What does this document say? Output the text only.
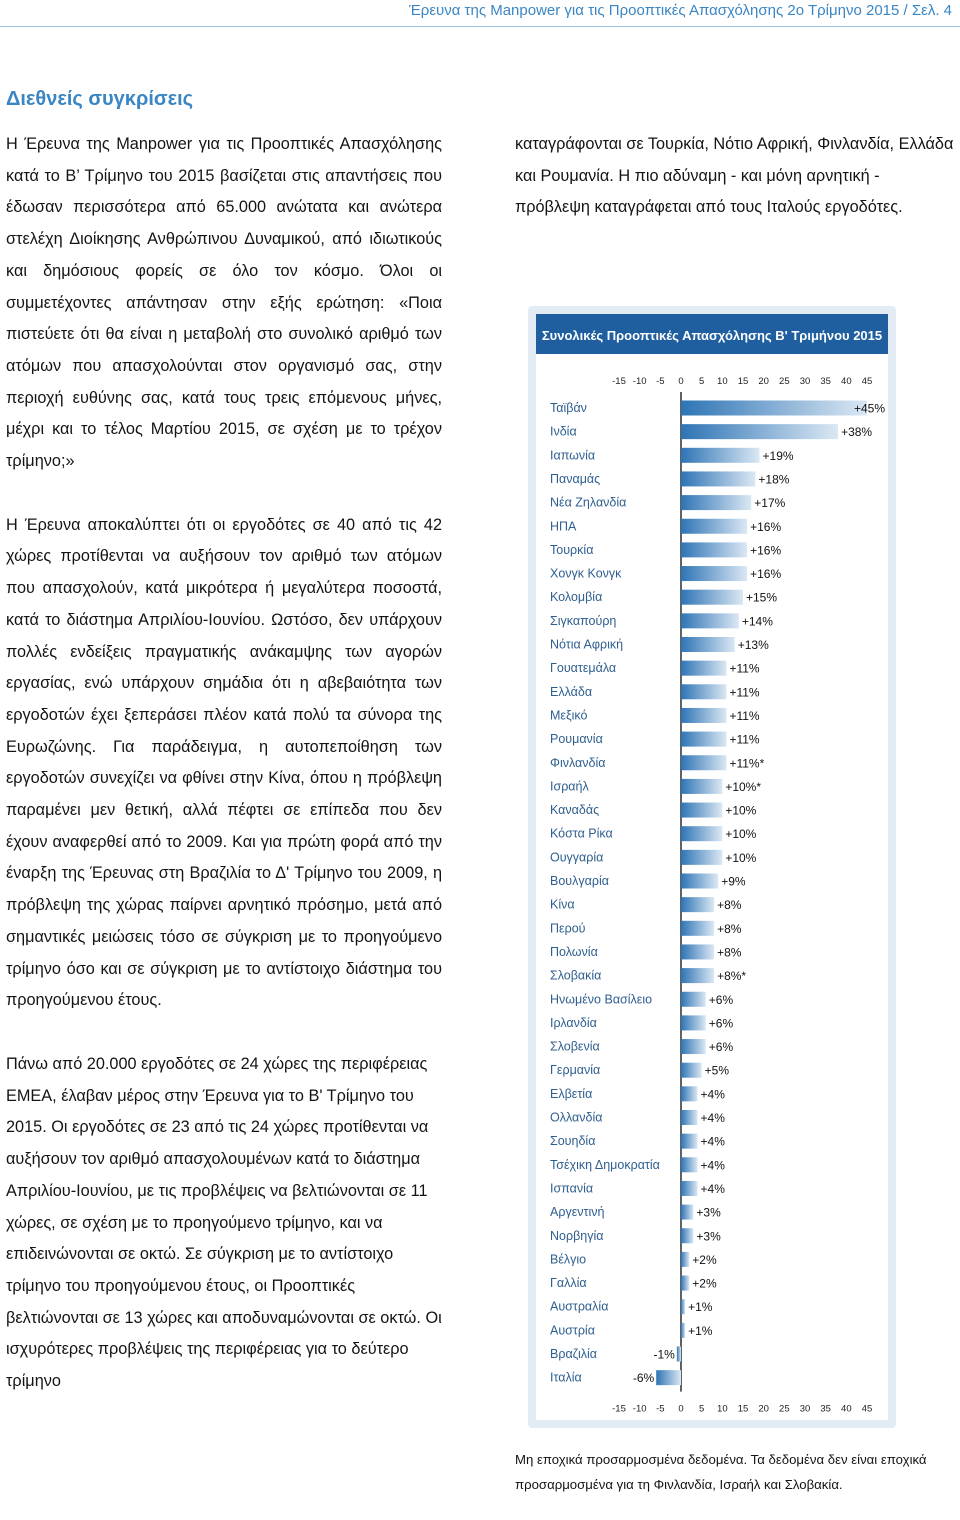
Έρευνα της Manpower για τις Προοπτικές Απασχόλησης 2ο Τρίμηνο 2015 / Σελ. 4
Διεθνείς συγκρίσεις

Η Έρευνα της Manpower για τις Προοπτικές Απασχόλησης κατά το Β’ Τρίμηνο του 2015 βασίζεται στις απαντήσεις που έδωσαν περισσότερα από 65.000 ανώτατα και ανώτερα στελέχη Διοίκησης Ανθρώπινου Δυναμικού, από ιδιωτικούς και δημόσιους φορείς σε όλο τον κόσμο. Όλοι οι συμμετέχοντες απάντησαν στην εξής ερώτηση: «Ποια πιστεύετε ότι θα είναι η μεταβολή στο συνολικό αριθμό των ατόμων που απασχολούνται στον οργανισμό σας, στην περιοχή ευθύνης σας, κατά τους τρεις επόμενους μήνες, μέχρι και το τέλος Μαρτίου 2015, σε σχέση με το τρέχον τρίμηνο;»

Η Έρευνα αποκαλύπτει ότι οι εργοδότες σε 40 από τις 42 χώρες προτίθενται να αυξήσουν τον αριθμό των ατόμων που απασχολούν, κατά μικρότερα ή μεγαλύτερα ποσοστά, κατά το διάστημα Απριλίου-Ιουνίου. Ωστόσο, δεν υπάρχουν πολλές ενδείξεις πραγματικής ανάκαμψης των αγορών εργασίας, ενώ υπάρχουν σημάδια ότι η αβεβαιότητα των εργοδοτών έχει ξεπεράσει πλέον κατά πολύ τα σύνορα της Ευρωζώνης. Για παράδειγμα, η αυτοπεποίθηση των εργοδοτών συνεχίζει να φθίνει στην Κίνα, όπου η πρόβλεψη παραμένει μεν θετική, αλλά πέφτει σε επίπεδα που δεν έχουν αναφερθεί από το 2009. Και για πρώτη φορά από την έναρξη της Έρευνας στη Βραζιλία το Δ' Τρίμηνο του 2009, η πρόβλεψη της χώρας παίρνει αρνητικό πρόσημο, μετά από σημαντικές μειώσεις τόσο σε σύγκριση με το προηγούμενο τρίμηνο όσο και σε σύγκριση με το αντίστοιχο διάστημα του προηγούμενου έτους.

Πάνω από 20.000 εργοδότες σε 24 χώρες της περιφέρειας ΕΜΕΑ, έλαβαν μέρος στην Έρευνα για το Β' Τρίμηνο του 2015. Οι εργοδότες σε 23 από τις 24 χώρες προτίθενται να αυξήσουν τον αριθμό απασχολουμένων κατά το διάστημα Απριλίου-Ιουνίου, με τις προβλέψεις να βελτιώνονται σε 11 χώρες, σε σχέση με το προηγούμενο τρίμηνο, και να επιδεινώνονται σε οκτώ. Σε σύγκριση με το αντίστοιχο τρίμηνο του προηγούμενου έτους, οι Προοπτικές βελτιώνονται σε 13 χώρες και αποδυναμώνονται σε οκτώ. Οι ισχυρότερες προβλέψεις της περιφέρειας για το δεύτερο τρίμηνο

καταγράφονται σε Τουρκία, Νότιο Αφρική, Φινλανδία, Ελλάδα και Ρουμανία. Η πιο αδύναμη - και μόνη αρνητική - πρόβλεψη καταγράφεται από τους Ιταλούς εργοδότες.

Συνολικές Προοπτικές Απασχόλησης Β' Τριμήνου 2015
-15 -10 -5 0 5 10 15 20 25 30 35 40 45
Ταϊβάν	+45%
Ινδία	+38%
Ιαπωνία	+19%
Παναμάς	+18%
Νέα Ζηλανδία	+17%
ΗΠΑ	+16%
Τουρκία	+16%
Χονγκ Κονγκ	+16%
Κολομβία	+15%
Σιγκαπούρη	+14%
Νότια Αφρική	+13%
Γουατεμάλα	+11%
Ελλάδα	+11%
Μεξικό	+11%
Ρουμανία	+11%
Φινλανδία	+11%*
Ισραήλ	+10%*
Καναδάς	+10%
Κόστα Ρίκα	+10%
Ουγγαρία	+10%
Βουλγαρία	+9%
Κίνα	+8%
Περού	+8%
Πολωνία	+8%
Σλοβακία	+8%*
Ηνωμένο Βασίλειο	+6%
Ιρλανδία	+6%
Σλοβενία	+6%
Γερμανία	+5%
Ελβετία	+4%
Ολλανδία	+4%
Σουηδία	+4%
Τσέχικη Δημοκρατία	+4%
Ισπανία	+4%
Αργεντινή	+3%
Νορβηγία	+3%
Βέλγιο	+2%
Γαλλία	+2%
Αυστραλία	+1%
Αυστρία	+1%
Βραζιλία	-1%
Ιταλία	-6%
-15 -10 -5 0 5 10 15 20 25 30 35 40 45
Μη εποχικά προσαρμοσμένα δεδομένα. Τα δεδομένα δεν είναι εποχικά προσαρμοσμένα για τη Φινλανδία, Ισραήλ και Σλοβακία.
